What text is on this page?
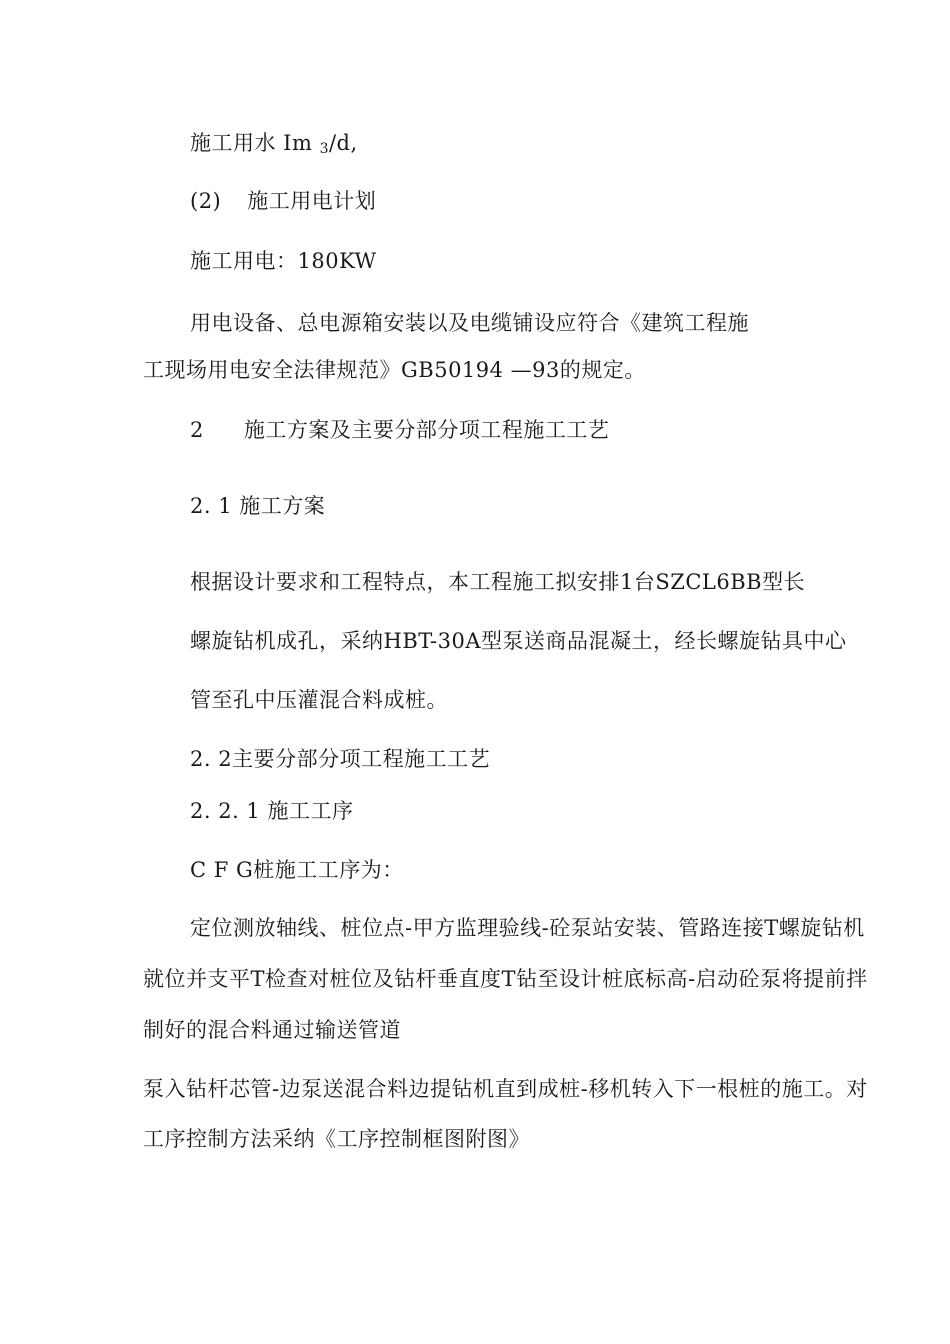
施工用水 Im $_3$/d,
(2) 施工用电计划
施工用电：180KW
用电设备、总电源箱安装以及电缆铺设应符合《建筑工程施
工现场用电安全法律规范》GB50194 —93的规定。
2 施工方案及主要分部分项工程施工工艺
2. 1 施工方案
根据设计要求和工程特点，本工程施工拟安排1台SZCL6BB型长
螺旋钻机成孔，采纳HBT-30A型泵送商品混凝土，经长螺旋钻具中心
管至孔中压灌混合料成桩。
2. 2主要分部分项工程施工工艺
2. 2. 1 施工工序
C F G桩施工工序为：
定位测放轴线、桩位点-甲方监理验线-砼泵站安装、管路连接T螺旋钻机
就位并支平T检查对桩位及钻杆垂直度T钻至设计桩底标高-启动砼泵将提前拌
制好的混合料通过输送管道
泵入钻杆芯管-边泵送混合料边提钻机直到成桩-移机转入下一根桩的施工。对
工序控制方法采纳《工序控制框图附图》
